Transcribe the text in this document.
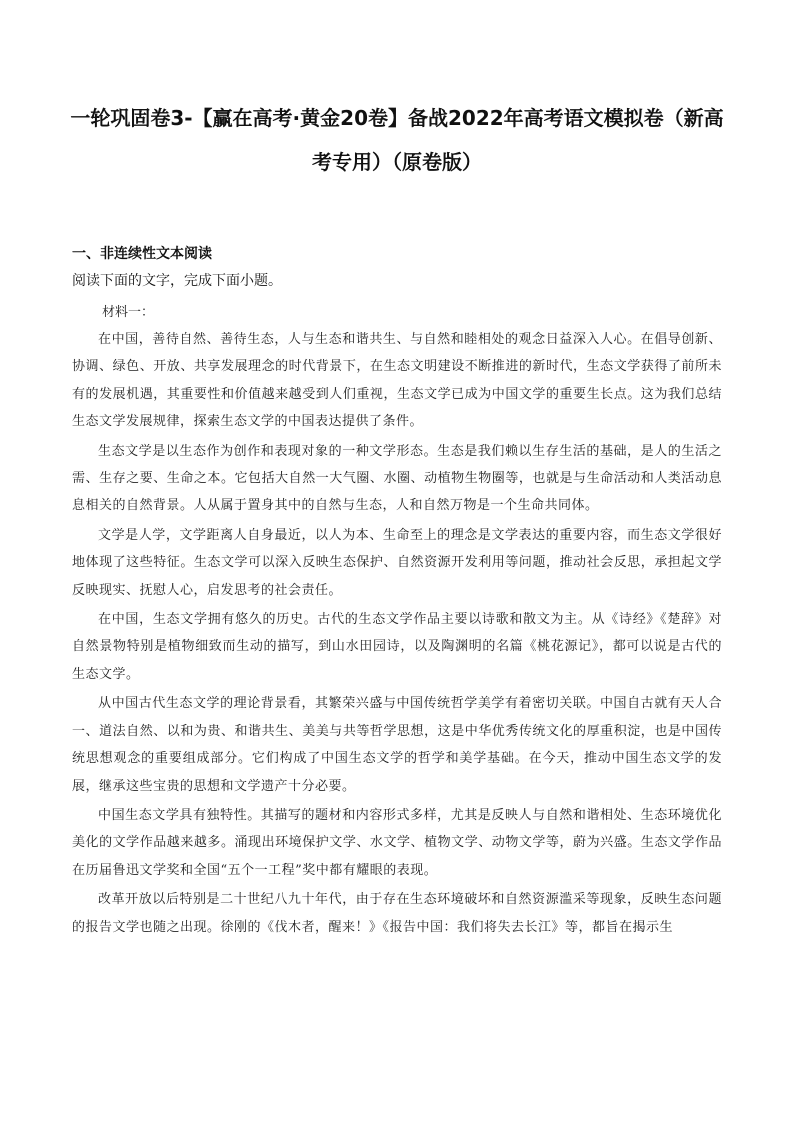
一轮巩固卷3-【赢在高考·黄金20卷】备战2022年高考语文模拟卷（新高考专用）（原卷版）
一、非连续性文本阅读
阅读下面的文字，完成下面小题。
材料一：

在中国，善待自然、善待生态，人与生态和谐共生、与自然和睦相处的观念日益深入人心。在倡导创新、协调、绿色、开放、共享发展理念的时代背景下，在生态文明建设不断推进的新时代，生态文学获得了前所未有的发展机遇，其重要性和价值越来越受到人们重视，生态文学已成为中国文学的重要生长点。这为我们总结生态文学发展规律，探索生态文学的中国表达提供了条件。

生态文学是以生态作为创作和表现对象的一种文学形态。生态是我们赖以生存生活的基础，是人的生活之需、生存之要、生命之本。它包括大自然一大气圈、水圈、动植物生物圈等，也就是与生命活动和人类活动息息相关的自然背景。人从属于置身其中的自然与生态，人和自然万物是一个生命共同体。

文学是人学，文学距离人自身最近，以人为本、生命至上的理念是文学表达的重要内容，而生态文学很好地体现了这些特征。生态文学可以深入反映生态保护、自然资源开发利用等问题，推动社会反思，承担起文学反映现实、抚慰人心，启发思考的社会责任。

在中国，生态文学拥有悠久的历史。古代的生态文学作品主要以诗歌和散文为主。从《诗经》《楚辞》对自然景物特别是植物细致而生动的描写，到山水田园诗，以及陶渊明的名篇《桃花源记》，都可以说是古代的生态文学。

从中国古代生态文学的理论背景看，其繁荣兴盛与中国传统哲学美学有着密切关联。中国自古就有天人合一、道法自然、以和为贵、和谐共生、美美与共等哲学思想，这是中华优秀传统文化的厚重积淀，也是中国传统思想观念的重要组成部分。它们构成了中国生态文学的哲学和美学基础。在今天，推动中国生态文学的发展，继承这些宝贵的思想和文学遗产十分必要。

中国生态文学具有独特性。其描写的题材和内容形式多样，尤其是反映人与自然和谐相处、生态环境优化美化的文学作品越来越多。涌现出环境保护文学、水文学、植物文学、动物文学等，蔚为兴盛。生态文学作品在历届鲁迅文学奖和全国“五个一工程”奖中都有耀眼的表现。

改革开放以后特别是二十世纪八九十年代，由于存在生态环境破坏和自然资源滥采等现象，反映生态问题的报告文学也随之出现。徐刚的《伐木者，醒来！》《报告中国：我们将失去长江》等，都旨在揭示生
